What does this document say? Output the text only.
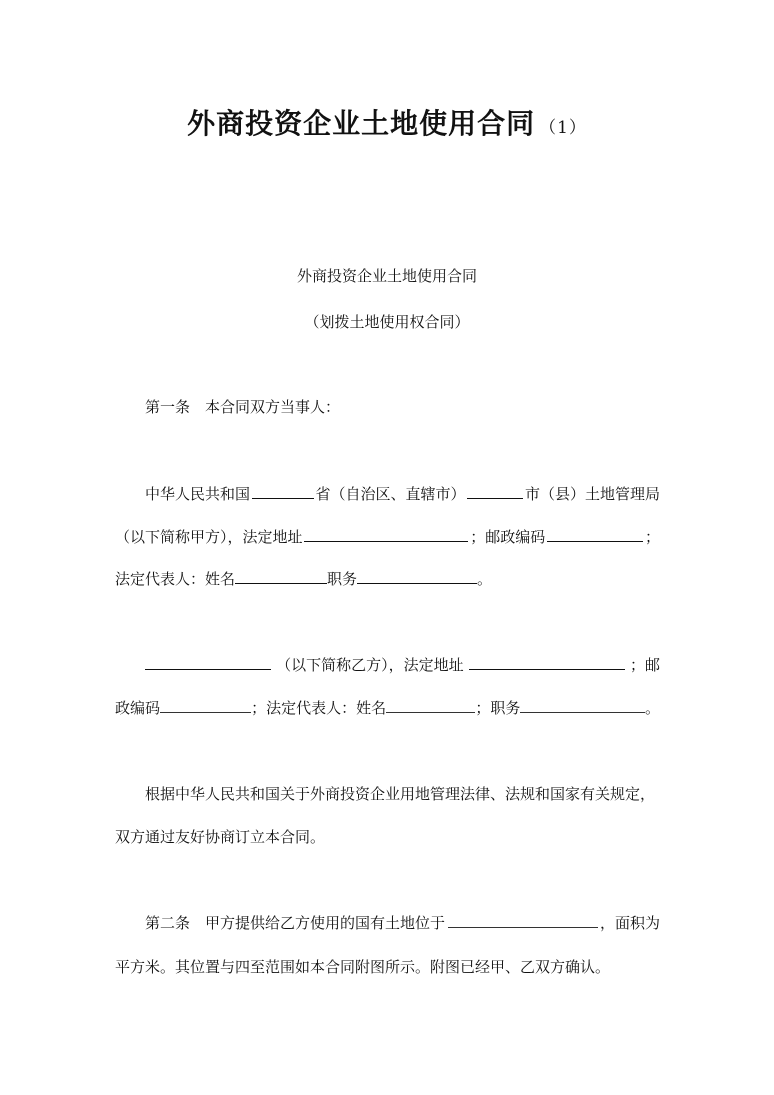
外商投资企业土地使用合同 （1）
外商投资企业土地使用合同
（划拨土地使用权合同）
第一条　本合同双方当事人：
中华人民共和国	省（自治区、直辖市）	市（县）土地管理局
（以下简称甲方），法定地址	；邮政编码	；
法定代表人：姓名	职务	。
（以下简称乙方），法定地址	；邮
政编码	；法定代表人：姓名	；职务	。
根据中华人民共和国关于外商投资企业用地管理法律、法规和国家有关规定，
双方通过友好协商订立本合同。
第二条　甲方提供给乙方使用的国有土地位于	，面积为
平方米。其位置与四至范围如本合同附图所示。附图已经甲、乙双方确认。
